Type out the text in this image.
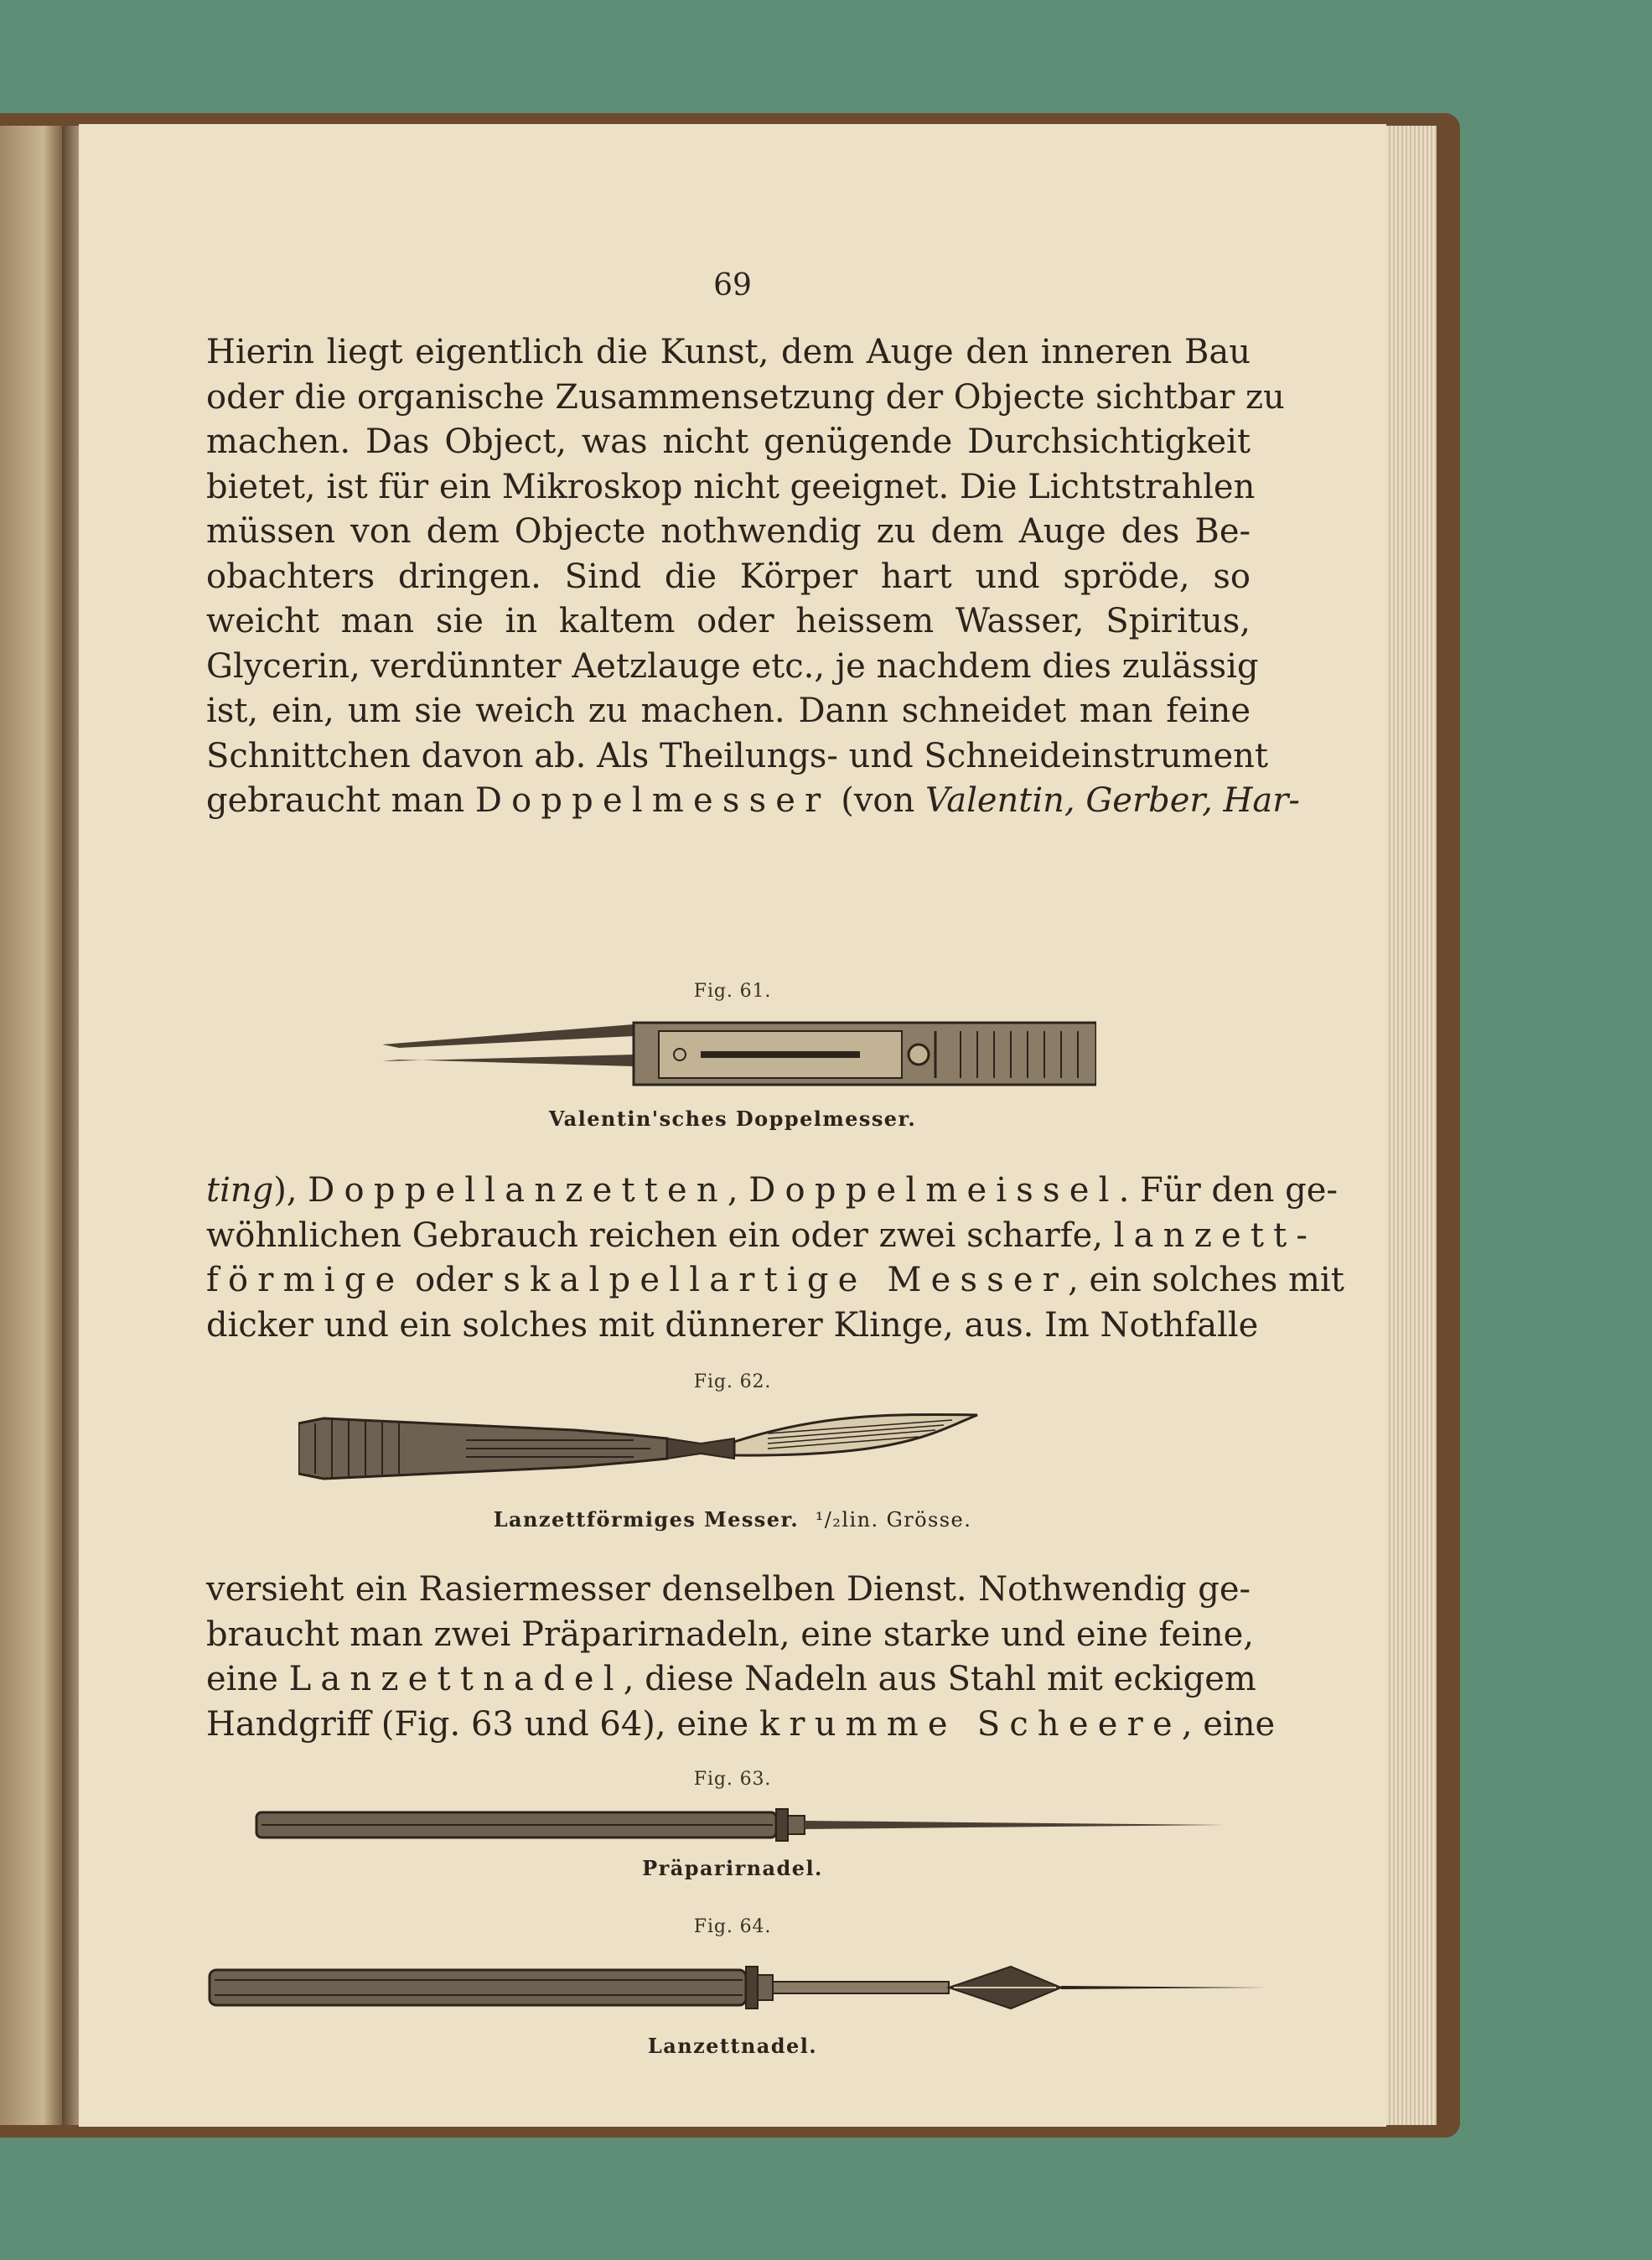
69

Hierin liegt eigentlich die Kunst, dem Auge den inneren Bau
oder die organische Zusammensetzung der Objecte sichtbar zu
machen. Das Object, was nicht genügende Durchsichtigkeit
bietet, ist für ein Mikroskop nicht geeignet. Die Lichtstrahlen
müssen von dem Objecte nothwendig zu dem Auge des Be-
obachters dringen. Sind die Körper hart und spröde, so
weicht man sie in kaltem oder heissem Wasser, Spiritus,
Glycerin, verdünnter Aetzlauge etc., je nachdem dies zulässig
ist, ein, um sie weich zu machen. Dann schneidet man feine
Schnittchen davon ab. Als Theilungs- und Schneideinstrument
gebraucht man Doppelmesser (von Valentin, Gerber, Har-

Fig. 61.
Valentin'sches Doppelmesser.

ting), Doppellanzetten, Doppelmeissel. Für den ge-
wöhnlichen Gebrauch reichen ein oder zwei scharfe, lanzett-
förmige oder skalpellartige Messer, ein solches mit
dicker und ein solches mit dünnerer Klinge, aus. Im Nothfalle

Fig. 62.
Lanzettförmiges Messer. ¹/₂lin. Grösse.

versieht ein Rasiermesser denselben Dienst. Nothwendig ge-
braucht man zwei Präparirnadeln, eine starke und eine feine,
eine Lanzettnadel, diese Nadeln aus Stahl mit eckigem
Handgriff (Fig. 63 und 64), eine krumme Scheere, eine

Fig. 63.
Präparirnadel.
Fig. 64.
Lanzettnadel.
